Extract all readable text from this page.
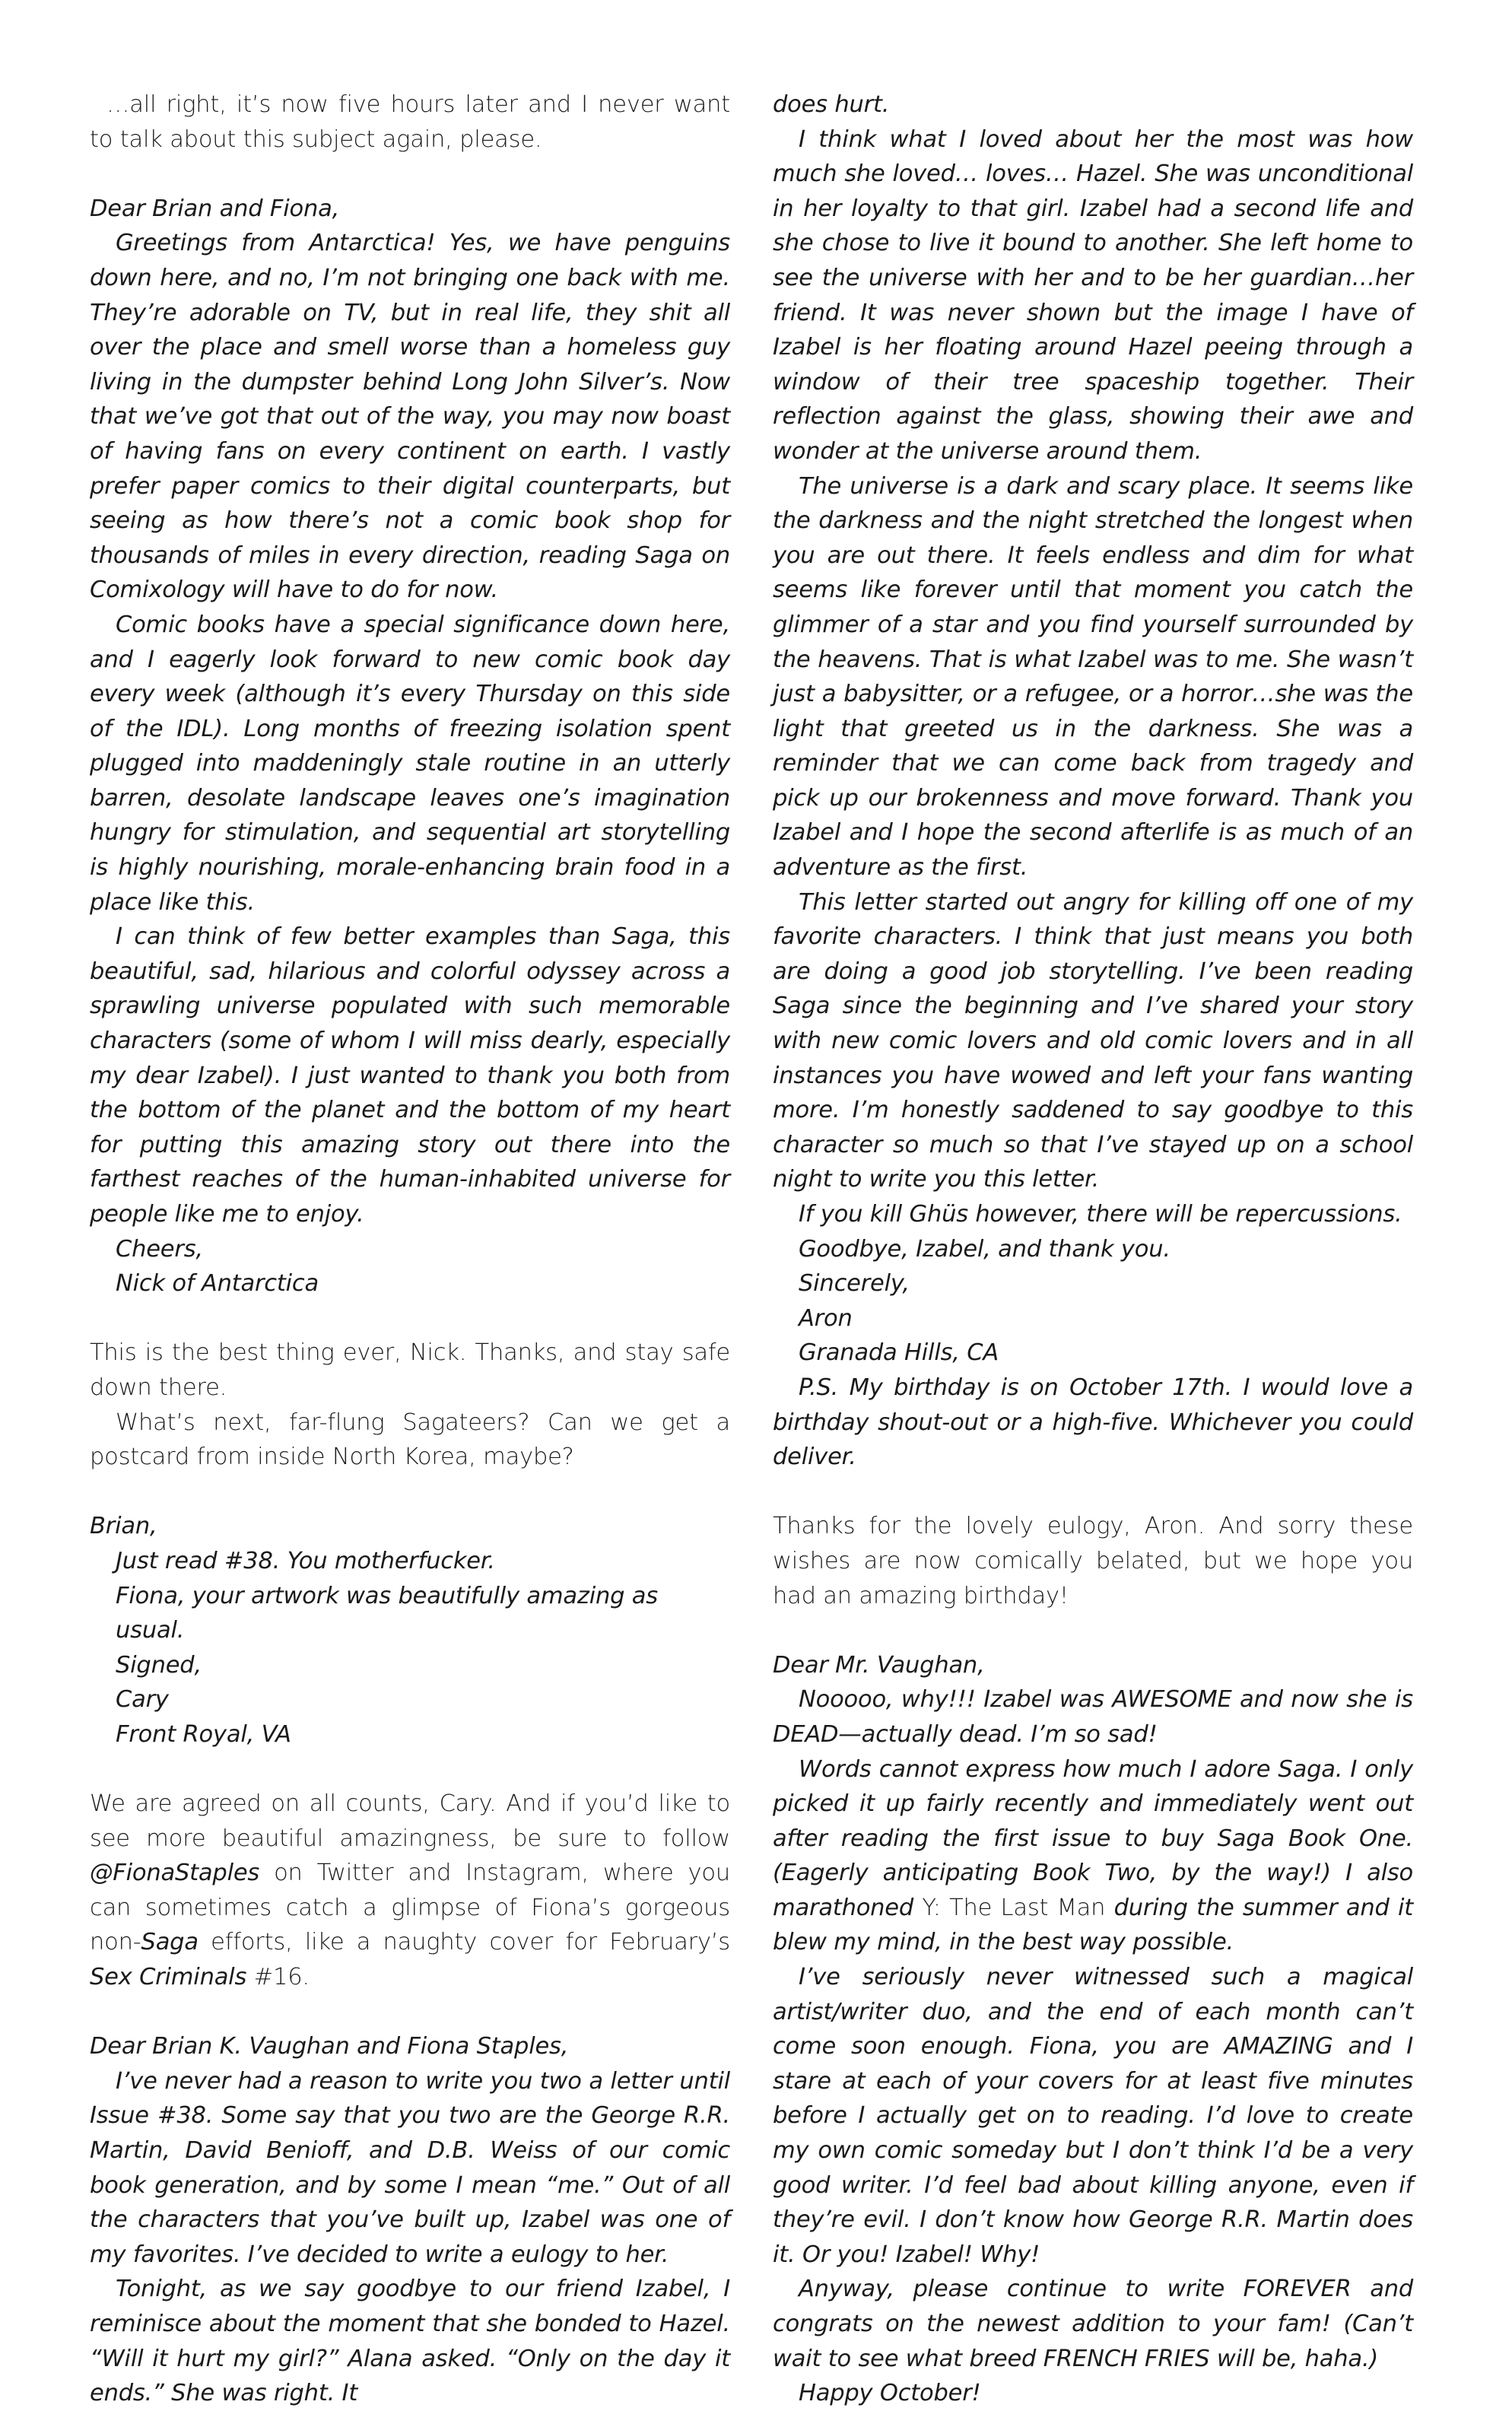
…all right, it’s now five hours later and I never want to talk about this subject again, please.

Dear Brian and Fiona,

Greetings from Antarctica! Yes, we have penguins down here, and no, I’m not bringing one back with me. They’re adorable on TV, but in real life, they shit all over the place and smell worse than a homeless guy living in the dumpster behind Long John Silver’s. Now that we’ve got that out of the way, you may now boast of having fans on every continent on earth. I vastly prefer paper comics to their digital counterparts, but seeing as how there’s not a comic book shop for thousands of miles in every direction, reading Saga on Comixology will have to do for now.

Comic books have a special significance down here, and I eagerly look forward to new comic book day every week (although it’s every Thursday on this side of the IDL). Long months of freezing isolation spent plugged into maddeningly stale routine in an utterly barren, desolate landscape leaves one’s imagination hungry for stimulation, and sequential art storytelling is highly nourishing, morale-enhancing brain food in a place like this.

I can think of few better examples than Saga, this beautiful, sad, hilarious and colorful odyssey across a sprawling universe populated with such memorable characters (some of whom I will miss dearly, especially my dear Izabel). I just wanted to thank you both from the bottom of the planet and the bottom of my heart for putting this amazing story out there into the farthest reaches of the human-inhabited universe for people like me to enjoy.

Cheers,

Nick of Antarctica

This is the best thing ever, Nick. Thanks, and stay safe down there.

What’s next, far-flung Sagateers? Can we get a postcard from inside North Korea, maybe?

Brian,

Just read #38. You motherfucker.

Fiona, your artwork was beautifully amazing as usual.

Signed,

Cary

Front Royal, VA

We are agreed on all counts, Cary. And if you’d like to see more beautiful amazingness, be sure to follow @FionaStaples on Twitter and Instagram, where you can sometimes catch a glimpse of Fiona’s gorgeous non-Saga efforts, like a naughty cover for February’s Sex Criminals #16.

Dear Brian K. Vaughan and Fiona Staples,

I’ve never had a reason to write you two a letter until Issue #38. Some say that you two are the George R.R. Martin, David Benioff, and D.B. Weiss of our comic book generation, and by some I mean “me.” Out of all the characters that you’ve built up, Izabel was one of my favorites. I’ve decided to write a eulogy to her.

Tonight, as we say goodbye to our friend Izabel, I reminisce about the moment that she bonded to Hazel. “Will it hurt my girl?” Alana asked. “Only on the day it ends.” She was right. It

does hurt.

I think what I loved about her the most was how much she loved… loves… Hazel. She was unconditional in her loyalty to that girl. Izabel had a second life and she chose to live it bound to another. She left home to see the universe with her and to be her guardian…her friend. It was never shown but the image I have of Izabel is her floating around Hazel peeing through a window of their tree spaceship together. Their reflection against the glass, showing their awe and wonder at the universe around them.

The universe is a dark and scary place. It seems like the darkness and the night stretched the longest when you are out there. It feels endless and dim for what seems like forever until that moment you catch the glimmer of a star and you find yourself surrounded by the heavens. That is what Izabel was to me. She wasn’t just a babysitter, or a refugee, or a horror…she was the light that greeted us in the darkness. She was a reminder that we can come back from tragedy and pick up our brokenness and move forward. Thank you Izabel and I hope the second afterlife is as much of an adventure as the first.

This letter started out angry for killing off one of my favorite characters. I think that just means you both are doing a good job storytelling. I’ve been reading Saga since the beginning and I’ve shared your story with new comic lovers and old comic lovers and in all instances you have wowed and left your fans wanting more. I’m honestly saddened to say goodbye to this character so much so that I’ve stayed up on a school night to write you this letter.

If you kill Ghüs however, there will be repercussions.

Goodbye, Izabel, and thank you.

Sincerely,

Aron

Granada Hills, CA

P.S. My birthday is on October 17th. I would love a birthday shout-out or a high-five. Whichever you could deliver.

Thanks for the lovely eulogy, Aron. And sorry these wishes are now comically belated, but we hope you had an amazing birthday!

Dear Mr. Vaughan,

Nooooo, why!!! Izabel was AWESOME and now she is DEAD—actually dead. I’m so sad!

Words cannot express how much I adore Saga. I only picked it up fairly recently and immediately went out after reading the first issue to buy Saga Book One. (Eagerly anticipating Book Two, by the way!) I also marathoned Y: The Last Man during the summer and it blew my mind, in the best way possible.

I’ve seriously never witnessed such a magical artist/writer duo, and the end of each month can’t come soon enough. Fiona, you are AMAZING and I stare at each of your covers for at least five minutes before I actually get on to reading. I’d love to create my own comic someday but I don’t think I’d be a very good writer. I’d feel bad about killing anyone, even if they’re evil. I don’t know how George R.R. Martin does it. Or you! Izabel! Why!

Anyway, please continue to write FOREVER and congrats on the newest addition to your fam! (Can’t wait to see what breed FRENCH FRIES will be, haha.)

Happy October!
